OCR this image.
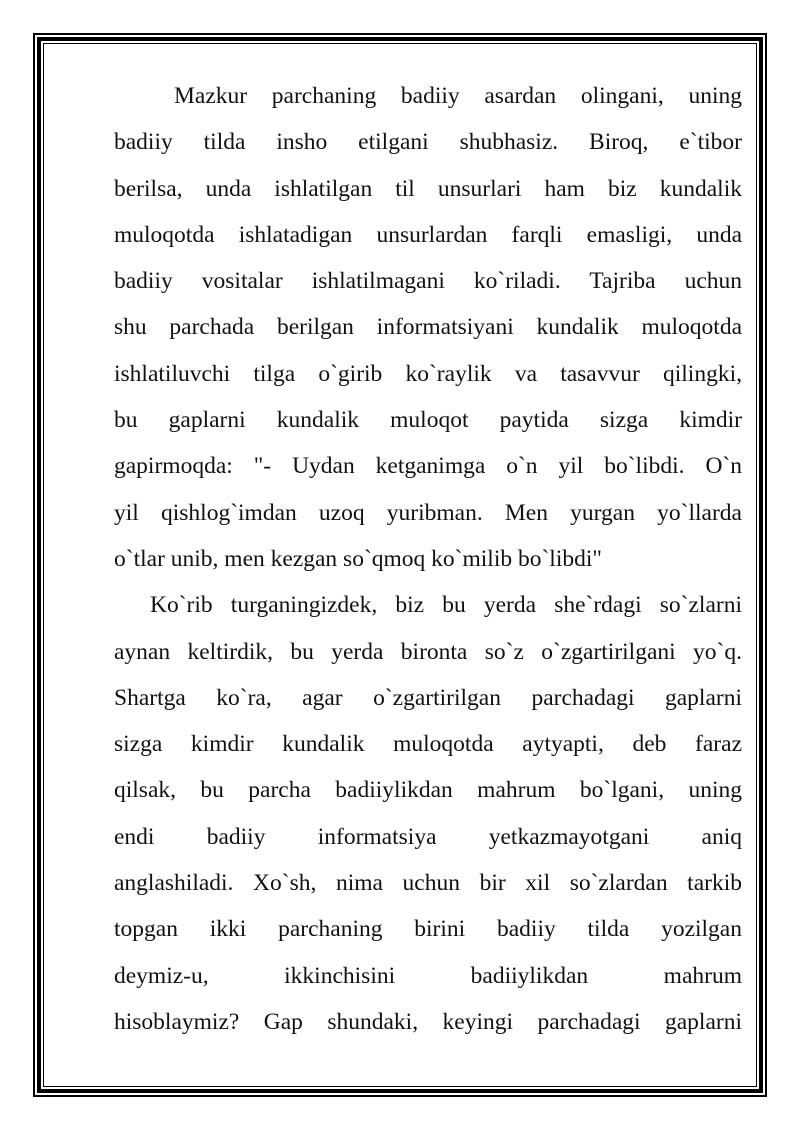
Mazkur parchaning badiiy asardan olingani, uning
badiiy tilda insho etilgani shubhasiz. Biroq, e`tibor
berilsa, unda ishlatilgan til unsurlari ham biz kundalik
muloqotda ishlatadigan unsurlardan farqli emasligi, unda
badiiy vositalar ishlatilmagani ko`riladi. Tajriba uchun
shu parchada berilgan informatsiyani kundalik muloqotda
ishlatiluvchi tilga o`girib ko`raylik va tasavvur qilingki,
bu gaplarni kundalik muloqot paytida sizga kimdir
gapirmoqda: "- Uydan ketganimga o`n yil bo`libdi. O`n
yil qishlog`imdan uzoq yuribman. Men yurgan yo`llarda
o`tlar unib, men kezgan so`qmoq ko`milib bo`libdi"
Ko`rib turganingizdek, biz bu yerda she`rdagi so`zlarni
aynan keltirdik, bu yerda bironta so`z o`zgartirilgani yo`q.
Shartga ko`ra, agar o`zgartirilgan parchadagi gaplarni
sizga kimdir kundalik muloqotda aytyapti, deb faraz
qilsak, bu parcha badiiylikdan mahrum bo`lgani, uning
endi badiiy informatsiya yetkazmayotgani aniq
anglashiladi. Xo`sh, nima uchun bir xil so`zlardan tarkib
topgan ikki parchaning birini badiiy tilda yozilgan
deymiz-u, ikkinchisini badiiylikdan mahrum
hisoblaymiz? Gap shundaki, keyingi parchadagi gaplarni
